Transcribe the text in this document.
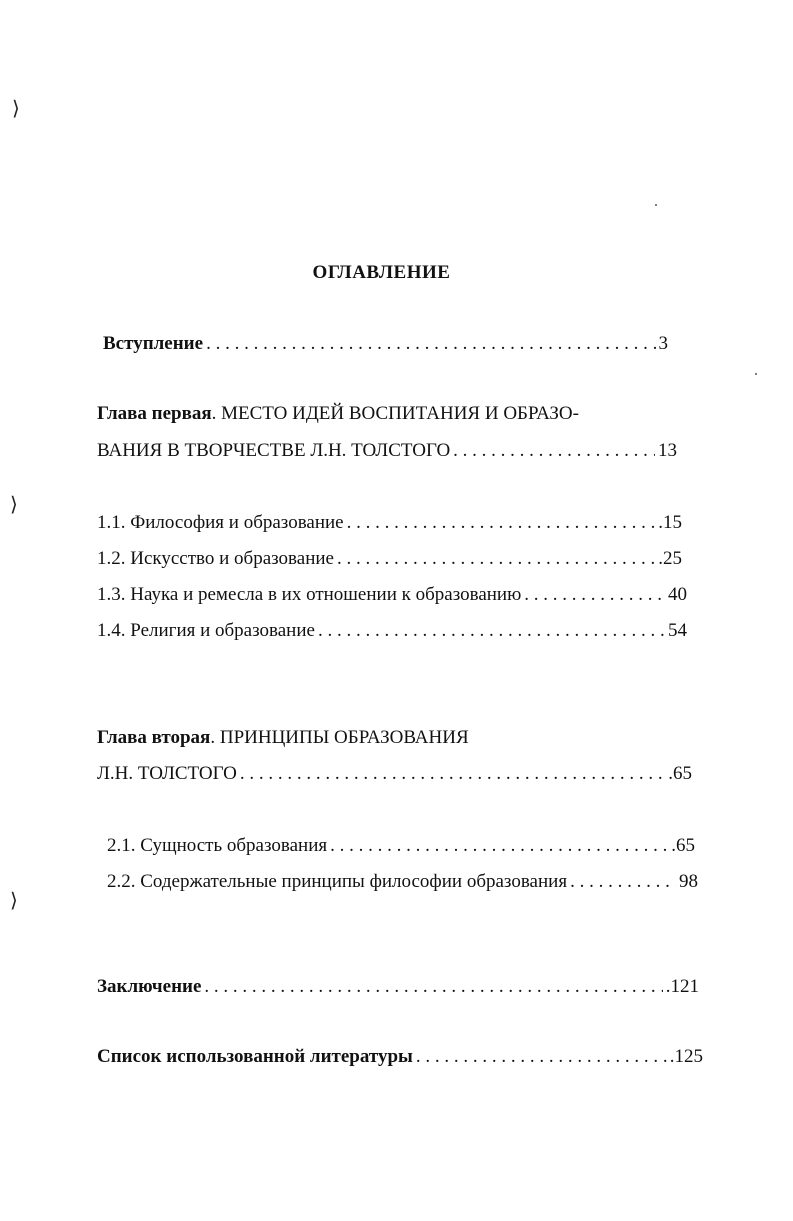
⟩
⟩
⟩
ОГЛАВЛЕНИЕ
Вступление . . .	3
Глава первая. МЕСТО ИДЕЙ ВОСПИТАНИЯ И ОБРАЗО-
ВАНИЯ В ТВОРЧЕСТВЕ Л.Н. ТОЛСТОГО . . .	13
1.1. Философия и образование . . .	.15
1.2. Искусство и образование . . .	.25
1.3. Наука и ремесла в их отношении к образованию . . .	40
1.4. Религия и образование . . .	54
Глава вторая. ПРИНЦИПЫ ОБРАЗОВАНИЯ
Л.Н. ТОЛСТОГО . . .	.65
2.1. Сущность образования . . .	.65
2.2. Содержательные принципы философии образования . . .	98
Заключение . . .	.121
Список использованной литературы . . .	.125
